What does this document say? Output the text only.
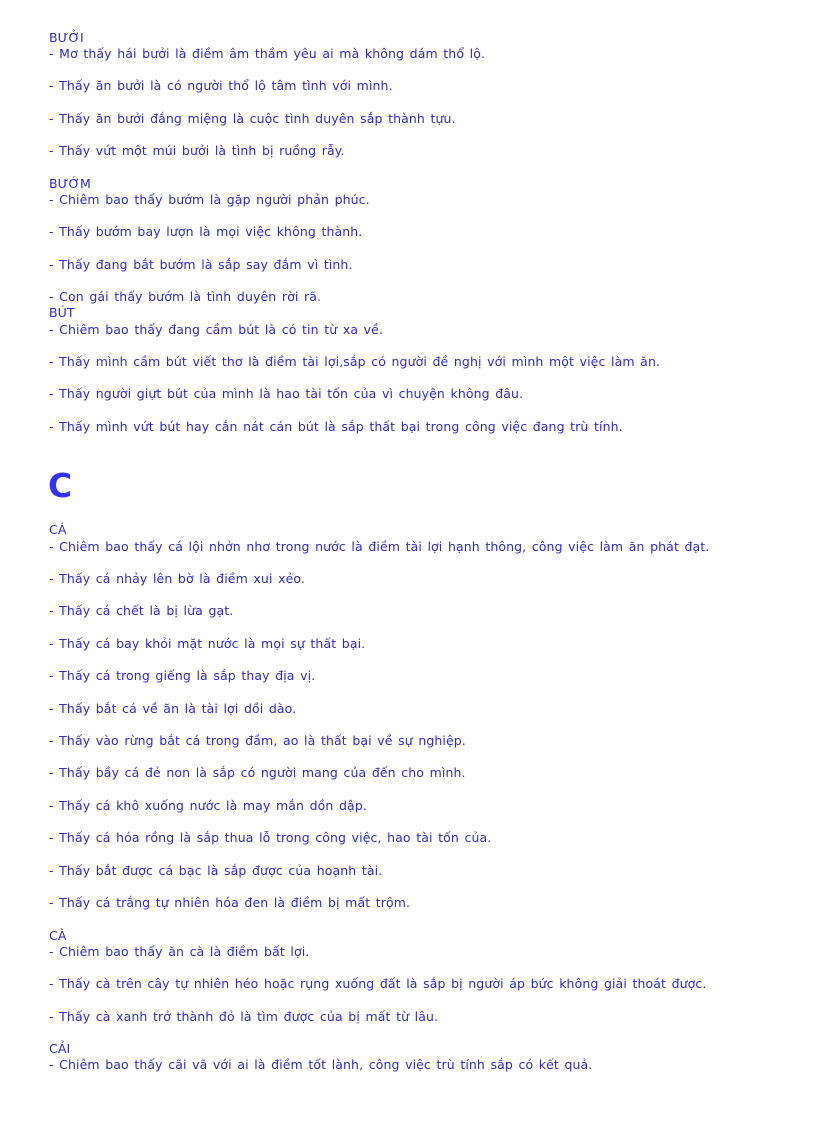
BƯỞI
- Mơ thấy hái bưởi là điềm âm thầm yêu ai mà không dám thổ lộ.
- Thấy ăn bưởi là có người thổ lộ tâm tình với mình.
- Thấy ăn bưởi đắng miệng là cuộc tình duyên sắp thành tựu.
- Thấy vứt một múi bưởi là tình bị ruồng rẫy.
BƯỚM
- Chiêm bao thấy bướm là gặp người phản phúc.
- Thấy bướm bay lượn là mọi việc không thành.
- Thấy đang bắt bướm là sắp say đắm vì tình.
- Con gái thấy bướm là tình duyên rời rã.
BÚT
- Chiêm bao thấy đang cầm bút là có tin từ xa về.
- Thấy mình cầm bút viết thơ là điềm tài lợi,sắp có người đề nghị với mình một việc làm ăn.
- Thấy người giựt bút của mình là hao tài tốn của vì chuyện không đâu.
- Thấy mình vứt bút hay cắn nát cán bút là sắp thất bại trong công việc đang trù tính.
C
CÁ
- Chiêm bao thấy cá lội nhởn nhơ trong nước là điềm tài lợi hạnh thông, công việc làm ăn phát đạt.
- Thấy cá nhảy lên bờ là điềm xui xẻo.
- Thấy cá chết là bị lừa gạt.
- Thấy cá bay khỏi mặt nước là mọi sự thất bại.
- Thấy cá trong giếng là sắp thay địa vị.
- Thấy bắt cá về ăn là tài lợi dồi dào.
- Thấy vào rừng bắt cá trong đầm, ao là thất bại về sự nghiệp.
- Thấy bầy cá đẻ non là sắp có người mang của đến cho mình.
- Thấy cá khô xuống nước là may mắn dồn dập.
- Thấy cá hóa rồng là sắp thua lỗ trong công việc, hao tài tốn của.
- Thấy bắt được cá bạc là sắp được của hoạnh tài.
- Thấy cá trắng tự nhiên hóa đen là điềm bị mất trộm.
CÀ
- Chiêm bao thấy ăn cà là điềm bất lợi.
- Thấy cà trên cây tự nhiên héo hoặc rụng xuống đất là sắp bị người áp bức không giải thoát được.
- Thấy cà xanh trở thành đỏ là tìm được của bị mất từ lâu.
CẢI
- Chiêm bao thấy cãi vã với ai là điềm tốt lành, công việc trù tính sắp có kết quả.
